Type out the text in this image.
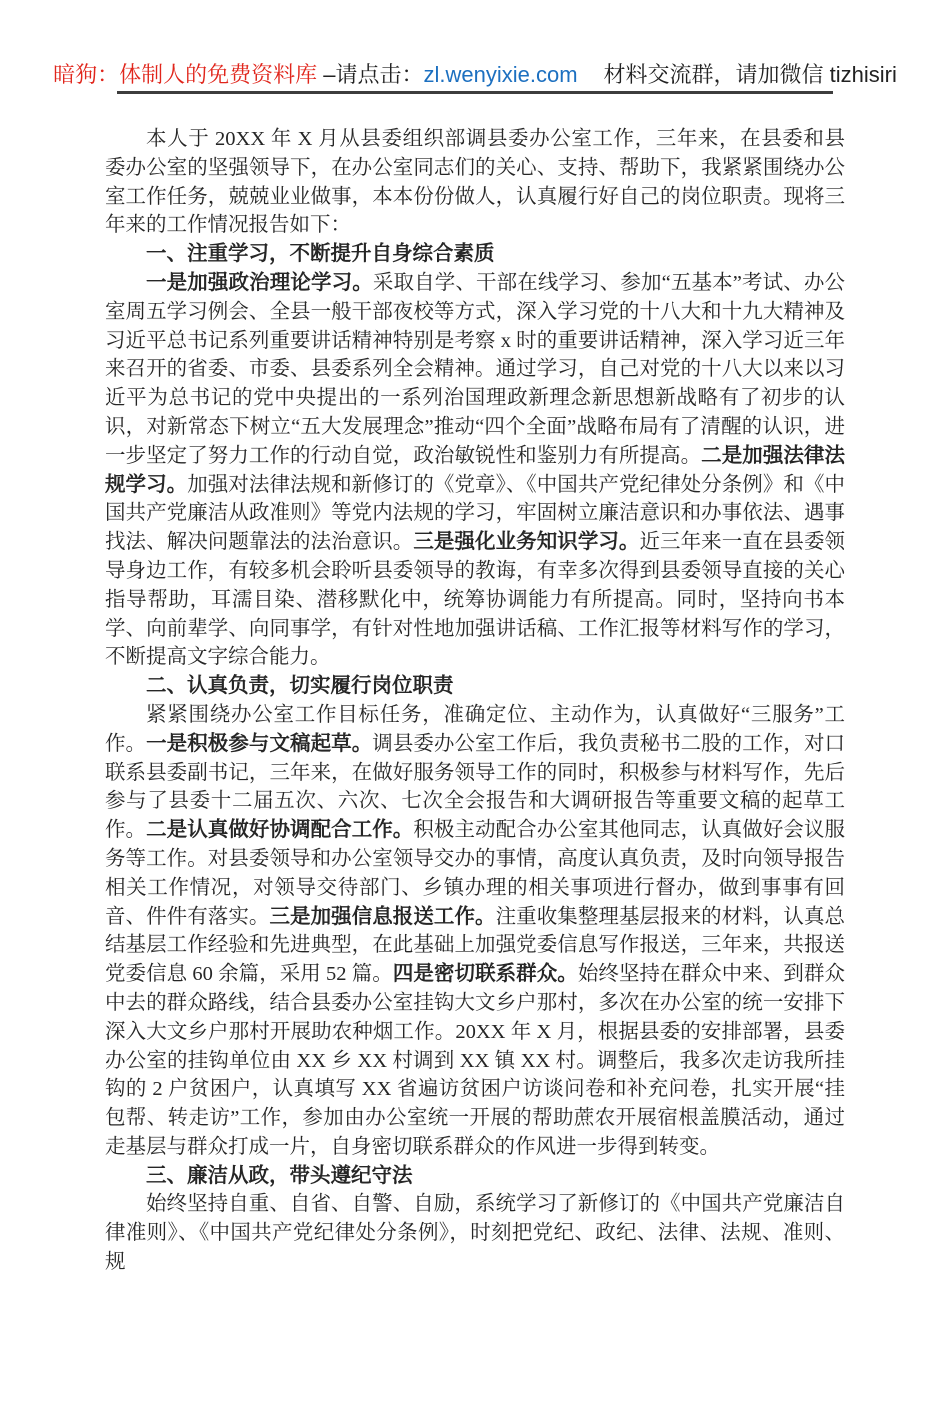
暗狗：体制人的免费资料库 –请点击：zl.wenyixie.com 材料交流群，请加微信 tizhisiri

本人于 20XX 年 X 月从县委组织部调县委办公室工作，三年来，在县委和县委办公室的坚强领导下，在办公室同志们的关心、支持、帮助下，我紧紧围绕办公室工作任务，兢兢业业做事，本本份份做人，认真履行好自己的岗位职责。现将三年来的工作情况报告如下：

一、注重学习，不断提升自身综合素质

一是加强政治理论学习。采取自学、干部在线学习、参加“五基本”考试、办公室周五学习例会、全县一般干部夜校等方式，深入学习党的十八大和十九大精神及习近平总书记系列重要讲话精神特别是考察 x 时的重要讲话精神，深入学习近三年来召开的省委、市委、县委系列全会精神。通过学习，自己对党的十八大以来以习近平为总书记的党中央提出的一系列治国理政新理念新思想新战略有了初步的认识，对新常态下树立“五大发展理念”推动“四个全面”战略布局有了清醒的认识，进一步坚定了努力工作的行动自觉，政治敏锐性和鉴别力有所提高。二是加强法律法规学习。加强对法律法规和新修订的《党章》、《中国共产党纪律处分条例》和《中国共产党廉洁从政准则》等党内法规的学习，牢固树立廉洁意识和办事依法、遇事找法、解决问题靠法的法治意识。三是强化业务知识学习。近三年来一直在县委领导身边工作，有较多机会聆听县委领导的教诲，有幸多次得到县委领导直接的关心指导帮助，耳濡目染、潜移默化中，统筹协调能力有所提高。同时，坚持向书本学、向前辈学、向同事学，有针对性地加强讲话稿、工作汇报等材料写作的学习，不断提高文字综合能力。

二、认真负责，切实履行岗位职责

紧紧围绕办公室工作目标任务，准确定位、主动作为，认真做好“三服务”工作。一是积极参与文稿起草。调县委办公室工作后，我负责秘书二股的工作，对口联系县委副书记，三年来，在做好服务领导工作的同时，积极参与材料写作，先后参与了县委十二届五次、六次、七次全会报告和大调研报告等重要文稿的起草工作。二是认真做好协调配合工作。积极主动配合办公室其他同志，认真做好会议服务等工作。对县委领导和办公室领导交办的事情，高度认真负责，及时向领导报告相关工作情况，对领导交待部门、乡镇办理的相关事项进行督办，做到事事有回音、件件有落实。三是加强信息报送工作。注重收集整理基层报来的材料，认真总结基层工作经验和先进典型，在此基础上加强党委信息写作报送，三年来，共报送党委信息 60 余篇，采用 52 篇。四是密切联系群众。始终坚持在群众中来、到群众中去的群众路线，结合县委办公室挂钩大文乡户那村，多次在办公室的统一安排下深入大文乡户那村开展助农种烟工作。20XX 年 X 月，根据县委的安排部署，县委办公室的挂钩单位由 XX 乡 XX 村调到 XX 镇 XX 村。调整后，我多次走访我所挂钩的 2 户贫困户，认真填写 XX 省遍访贫困户访谈问卷和补充问卷，扎实开展“挂包帮、转走访”工作，参加由办公室统一开展的帮助蔗农开展宿根盖膜活动，通过走基层与群众打成一片，自身密切联系群众的作风进一步得到转变。

三、廉洁从政，带头遵纪守法

始终坚持自重、自省、自警、自励，系统学习了新修订的《中国共产党廉洁自律准则》、《中国共产党纪律处分条例》，时刻把党纪、政纪、法律、法规、准则、规
